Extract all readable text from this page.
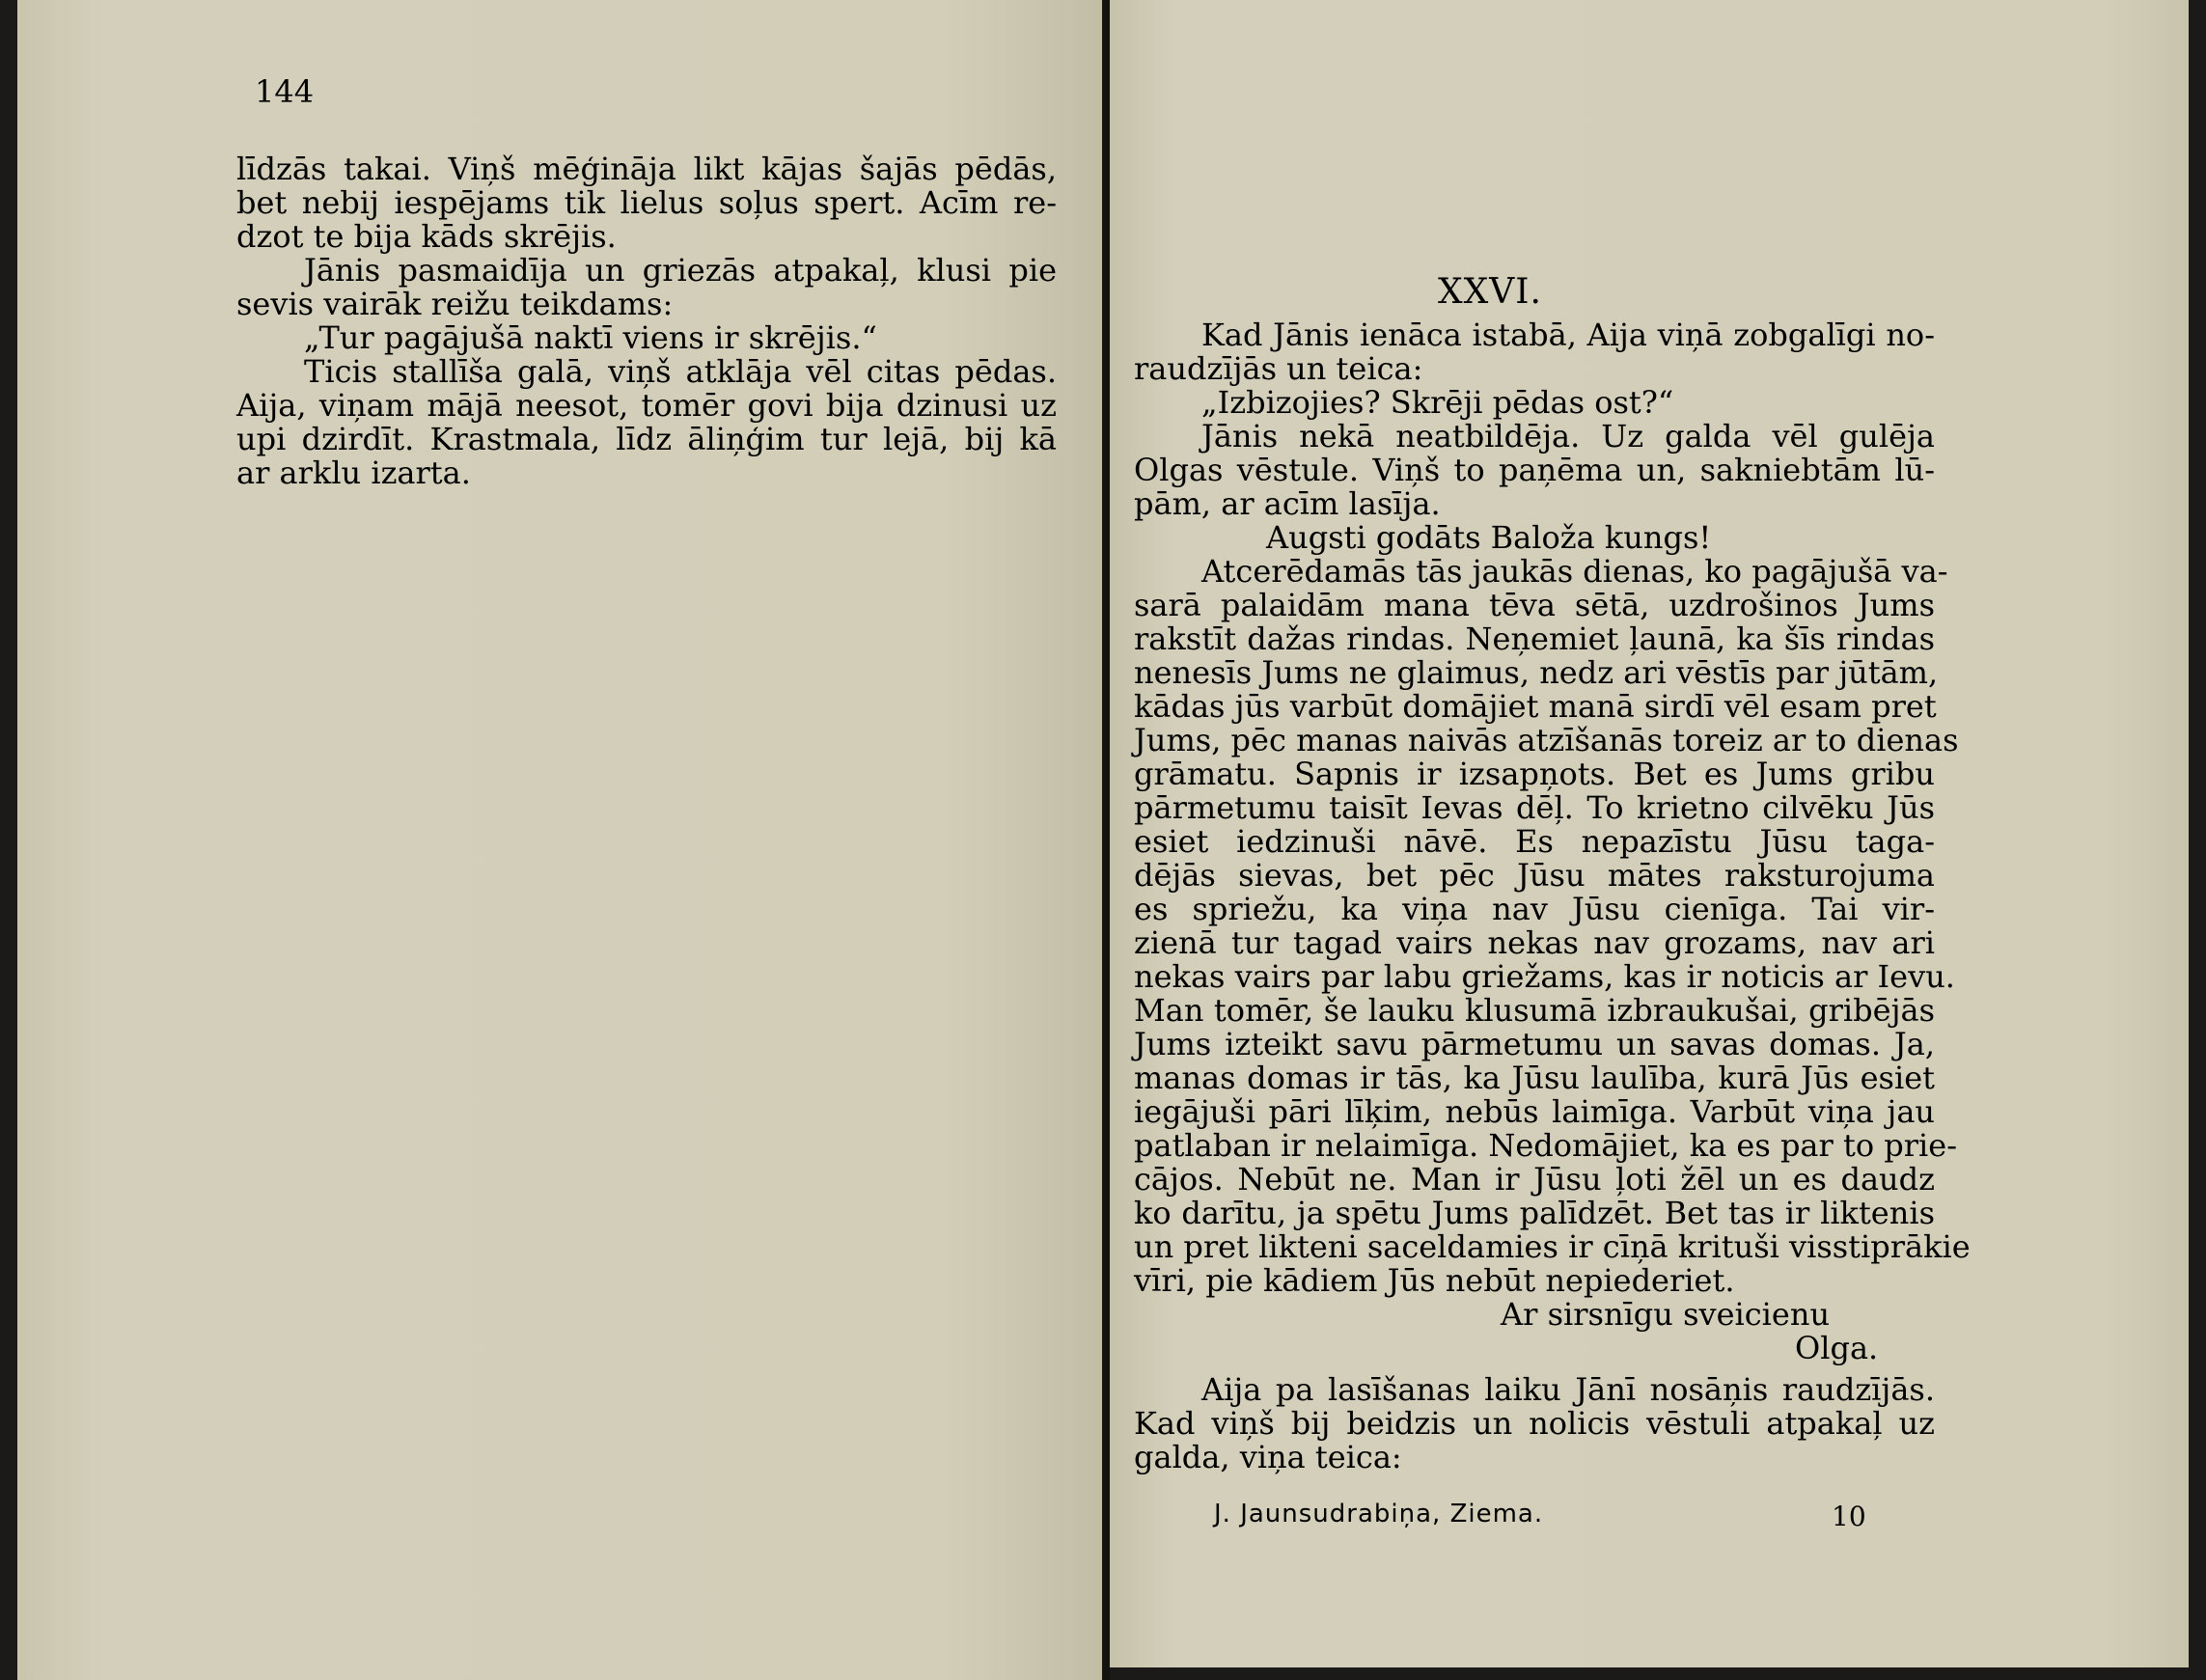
144
līdzās takai. Viņš mēģināja likt kājas šajās pēdās,
bet nebij iespējams tik lielus soļus spert. Acīm re-
dzot te bija kāds skrējis.
Jānis pasmaidīja un griezās atpakaļ, klusi pie
sevis vairāk reižu teikdams:
„Tur pagājušā naktī viens ir skrējis.“
Ticis stallīša galā, viņš atklāja vēl citas pēdas.
Aija, viņam mājā neesot, tomēr govi bija dzinusi uz
upi dzirdīt. Krastmala, līdz āliņģim tur lejā, bij kā
ar arklu izarta.
XXVI.
Kad Jānis ienāca istabā, Aija viņā zobgalīgi no-
raudzījās un teica:
„Izbizojies? Skrēji pēdas ost?“
Jānis nekā neatbildēja. Uz galda vēl gulēja
Olgas vēstule. Viņš to paņēma un, sakniebtām lū-
pām, ar acīm lasīja.
Augsti godāts Baloža kungs!
Atcerēdamās tās jaukās dienas, ko pagājušā va-
sarā palaidām mana tēva sētā, uzdrošinos Jums
rakstīt dažas rindas. Neņemiet ļaunā, ka šīs rindas
nenesīs Jums ne glaimus, nedz ari vēstīs par jūtām,
kādas jūs varbūt domājiet manā sirdī vēl esam pret
Jums, pēc manas naivās atzīšanās toreiz ar to dienas
grāmatu. Sapnis ir izsapņots. Bet es Jums gribu
pārmetumu taisīt Ievas dēļ. To krietno cilvēku Jūs
esiet iedzinuši nāvē. Es nepazīstu Jūsu taga-
dējās sievas, bet pēc Jūsu mātes raksturojuma
es spriežu, ka viņa nav Jūsu cienīga. Tai vir-
zienā tur tagad vairs nekas nav grozams, nav ari
nekas vairs par labu griežams, kas ir noticis ar Ievu.
Man tomēr, še lauku klusumā izbraukušai, gribējās
Jums izteikt savu pārmetumu un savas domas. Ja,
manas domas ir tās, ka Jūsu laulība, kurā Jūs esiet
iegājuši pāri līķim, nebūs laimīga. Varbūt viņa jau
patlaban ir nelaimīga. Nedomājiet, ka es par to prie-
cājos. Nebūt ne. Man ir Jūsu ļoti žēl un es daudz
ko darītu, ja spētu Jums palīdzēt. Bet tas ir liktenis
un pret likteni saceldamies ir cīņā krituši visstiprākie
vīri, pie kādiem Jūs nebūt nepiederiet.
Ar sirsnīgu sveicienu
Olga.
Aija pa lasīšanas laiku Jānī nosāņis raudzījās.
Kad viņš bij beidzis un nolicis vēstuli atpakaļ uz
galda, viņa teica:
J. Jaunsudrabiņa, Ziema.	10
